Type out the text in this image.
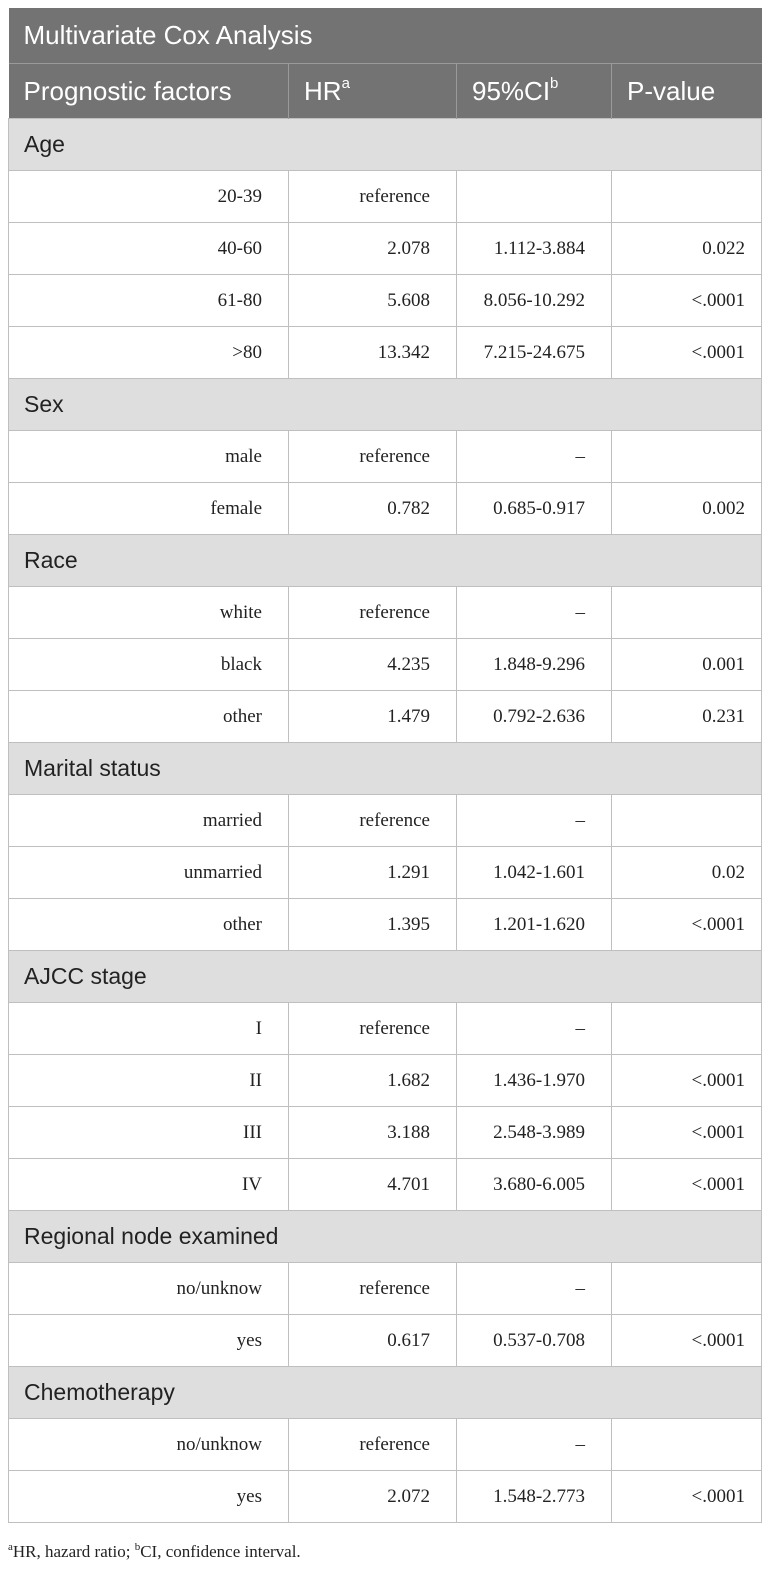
Multivariate Cox Analysis			
Prognostic factors	$HR^a$	$95\%CI^b$	P-value
Age			
20-39	reference		
40-60	2.078	1.112-3.884	0.022
61-80	5.608	8.056-10.292	<.0001
>80	13.342	7.215-24.675	<.0001
Sex			
male	reference	–	
female	0.782	0.685-0.917	0.002
Race			
white	reference	–	
black	4.235	1.848-9.296	0.001
other	1.479	0.792-2.636	0.231
Marital status			
married	reference	–	
unmarried	1.291	1.042-1.601	0.02
other	1.395	1.201-1.620	<.0001
AJCC stage			
I	reference	–	
II	1.682	1.436-1.970	<.0001
III	3.188	2.548-3.989	<.0001
IV	4.701	3.680-6.005	<.0001
Regional node examined			
no/unknow	reference	–	
yes	0.617	0.537-0.708	<.0001
Chemotherapy			
no/unknow	reference	–	
yes	2.072	1.548-2.773	<.0001
$^a$HR, hazard ratio; $^b$CI, confidence interval.
